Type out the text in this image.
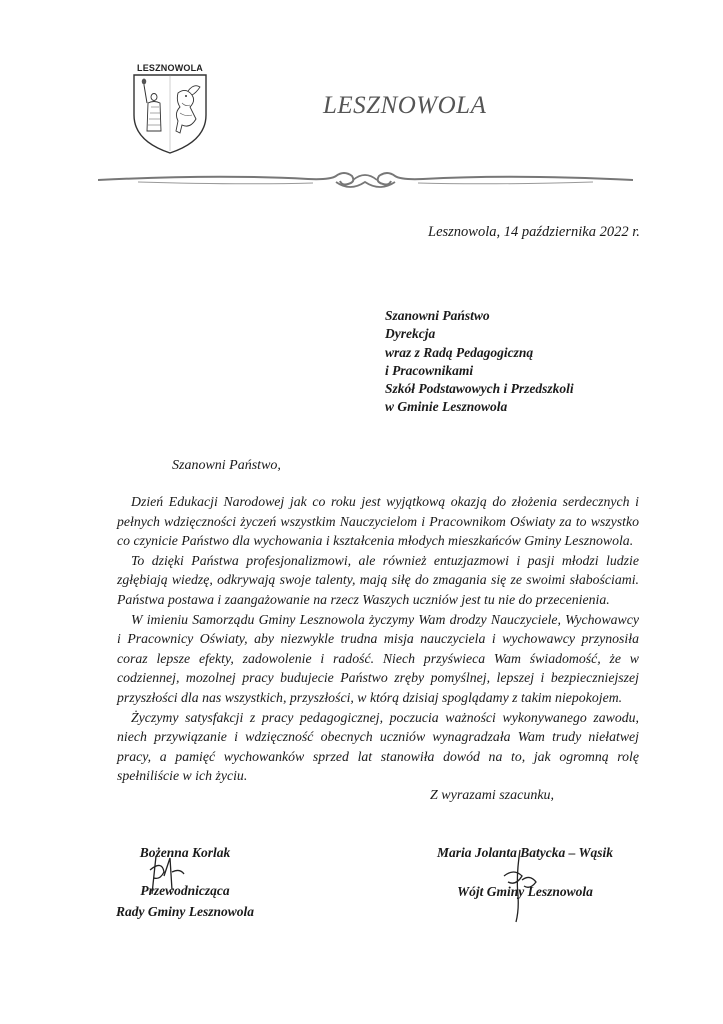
LESZNOWOLA
LESZNOWOLA
Lesznowola, 14 października 2022 r.
Szanowni Państwo
Dyrekcja
wraz z Radą Pedagogiczną
i Pracownikami
Szkół Podstawowych i Przedszkoli
w Gminie Lesznowola
Szanowni Państwo,

Dzień Edukacji Narodowej jak co roku jest wyjątkową okazją do złożenia serdecznych i pełnych wdzięczności życzeń wszystkim Nauczycielom i Pracownikom Oświaty za to wszystko co czynicie Państwo dla wychowania i kształcenia młodych mieszkańców Gminy Lesznowola.

To dzięki Państwa profesjonalizmowi, ale również entuzjazmowi i pasji młodzi ludzie zgłębiają wiedzę, odkrywają swoje talenty, mają siłę do zmagania się ze swoimi słabościami. Państwa postawa i zaangażowanie na rzecz Waszych uczniów jest tu nie do przecenienia.

W imieniu Samorządu Gminy Lesznowola życzymy Wam drodzy Nauczyciele, Wychowawcy i Pracownicy Oświaty, aby niezwykle trudna misja nauczyciela i wychowawcy przynosiła coraz lepsze efekty, zadowolenie i radość. Niech przyświeca Wam świadomość, że w codziennej, mozolnej pracy budujecie Państwo zręby pomyślnej, lepszej i bezpieczniejszej przyszłości dla nas wszystkich, przyszłości, w którą dzisiaj spoglądamy z takim niepokojem.

Życzymy satysfakcji z pracy pedagogicznej, poczucia ważności wykonywanego zawodu, niech przywiązanie i wdzięczność obecnych uczniów wynagradzała Wam trudy niełatwej pracy, a pamięć wychowanków sprzed lat stanowiła dowód na to, jak ogromną rolę spełniliście w ich życiu.

Z wyrazami szacunku,
Bożenna Korlak
Przewodnicząca
Rady Gminy Lesznowola
Maria Jolanta Batycka – Wąsik
Wójt Gminy Lesznowola
